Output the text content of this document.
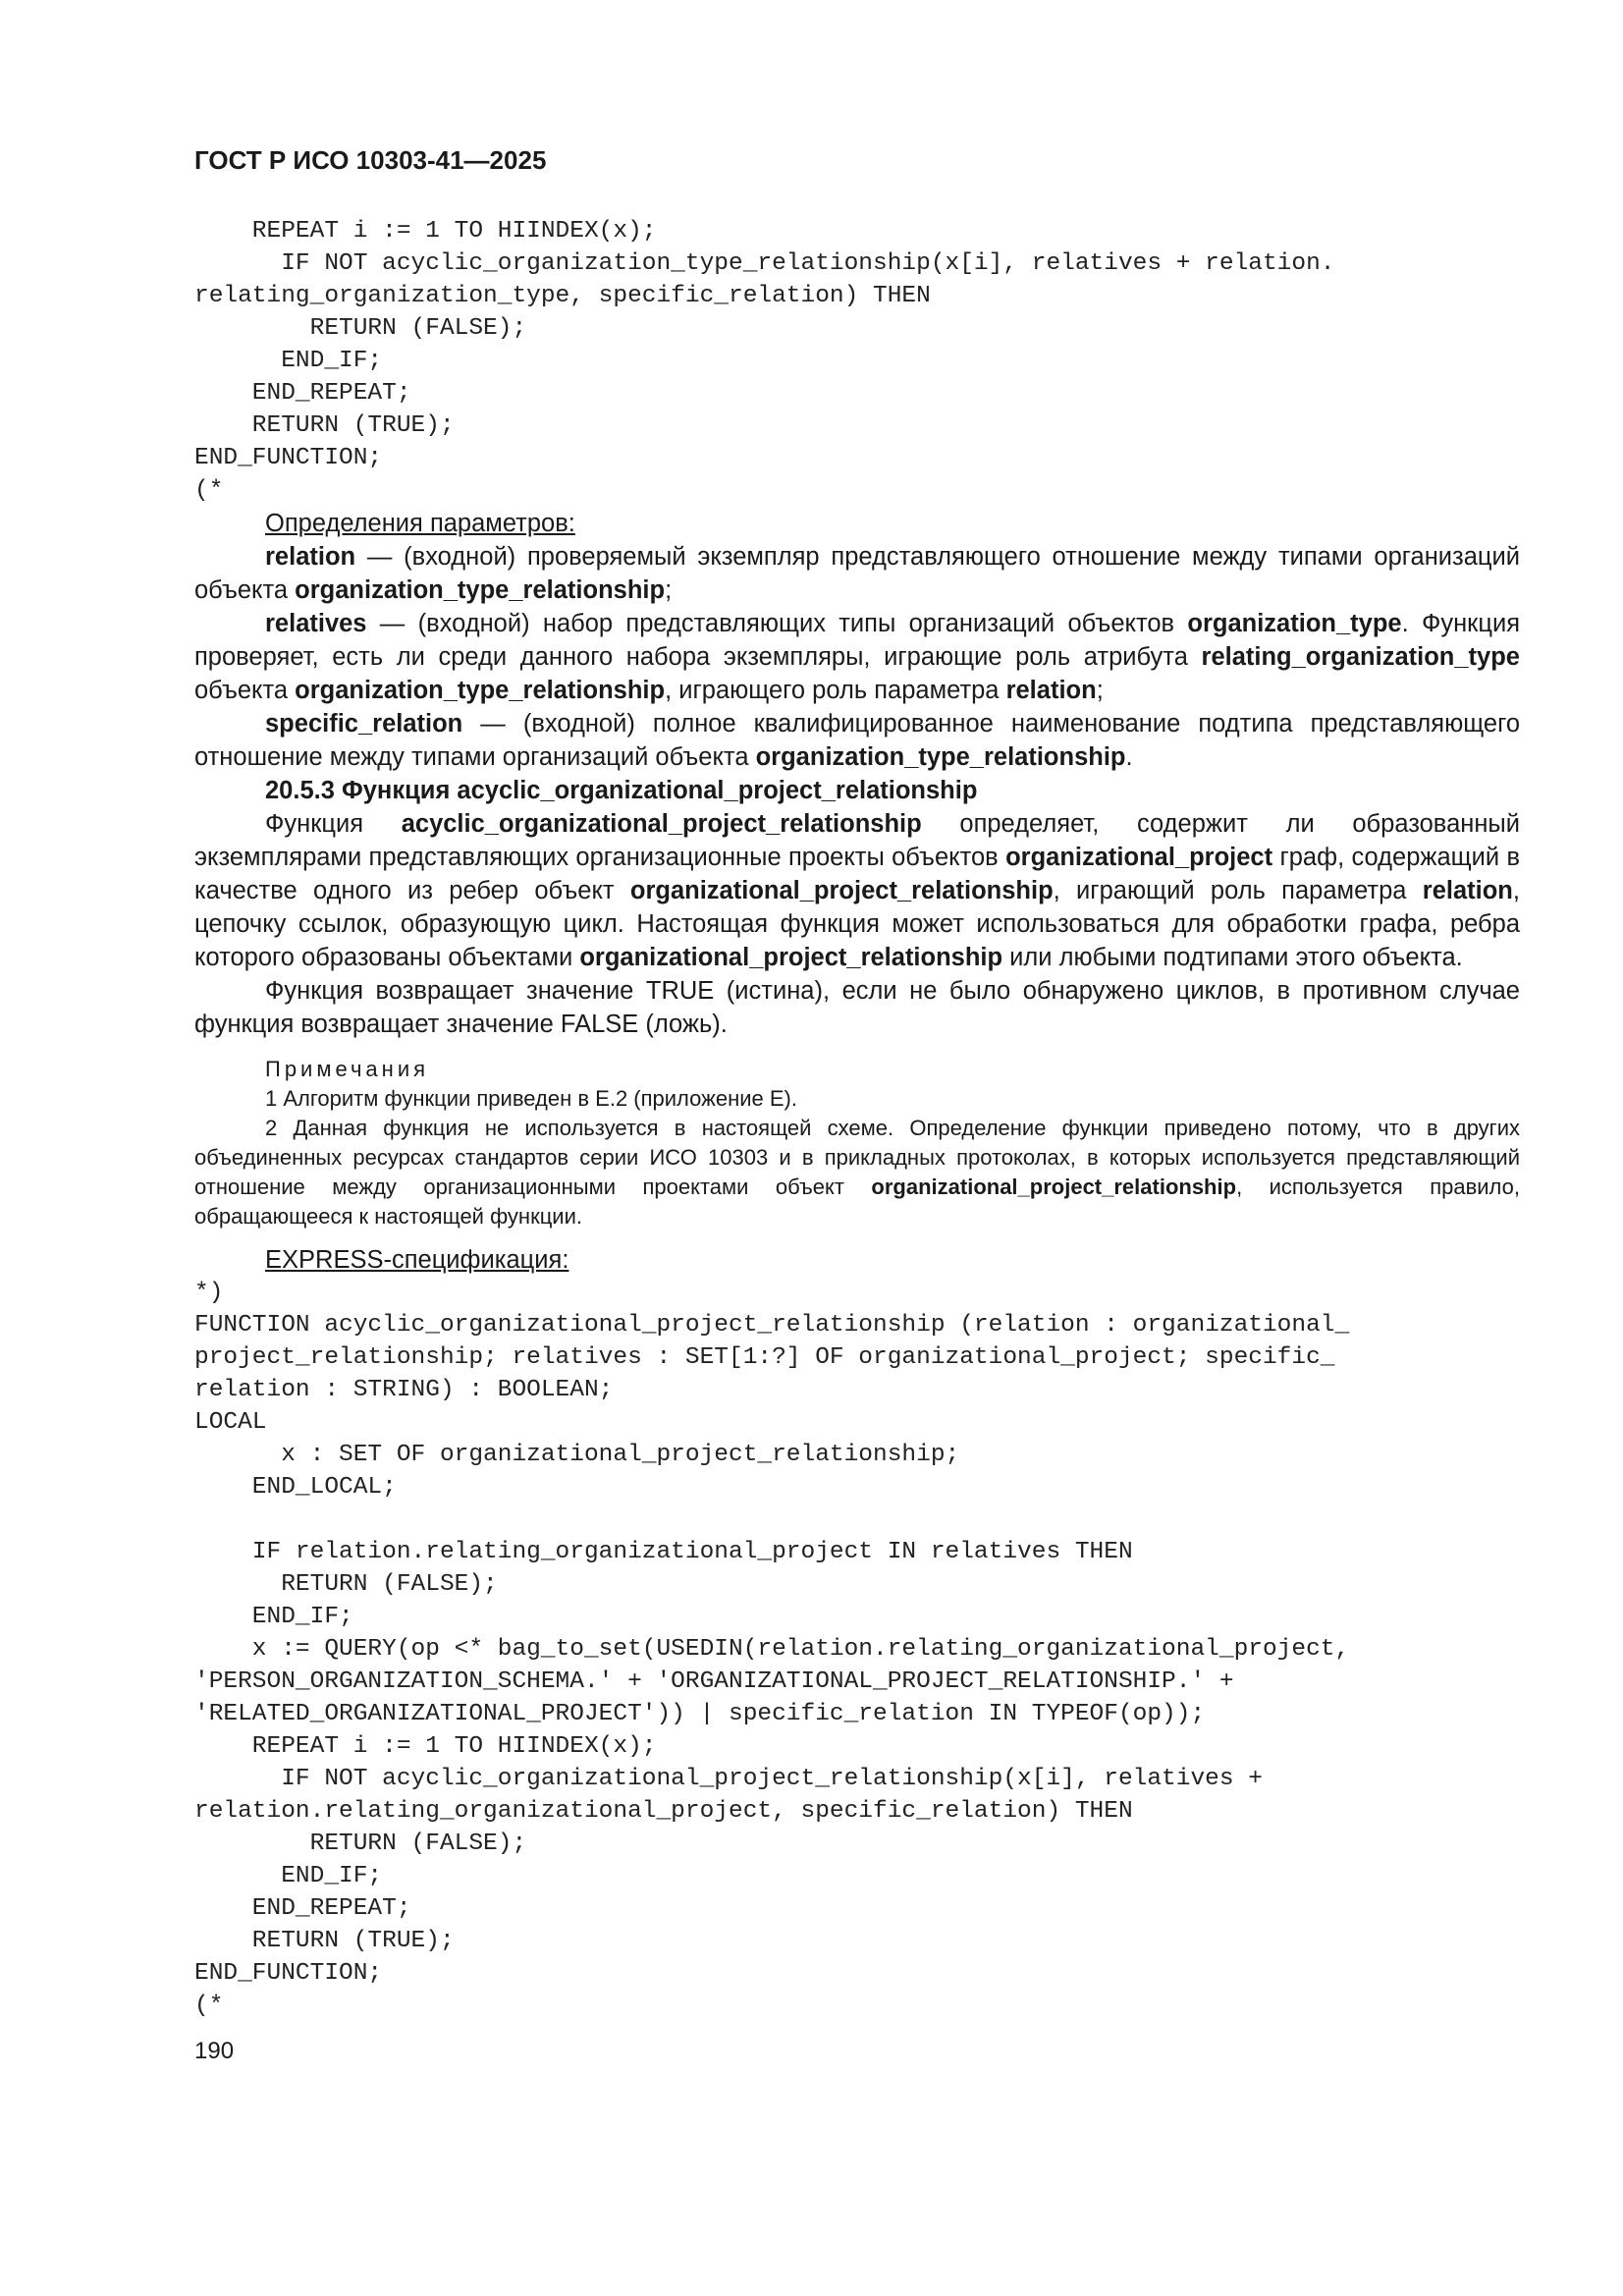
ГОСТ Р ИСО 10303-41—2025
REPEAT i := 1 TO HIINDEX(x);
IF NOT acyclic_organization_type_relationship(x[i], relatives + relation.
relating_organization_type, specific_relation) THEN
RETURN (FALSE);
END_IF;
END_REPEAT;
RETURN (TRUE);
END_FUNCTION;
(*

Определения параметров:

relation — (входной) проверяемый экземпляр представляющего отношение между типами организаций объекта organization_type_relationship;

relatives — (входной) набор представляющих типы организаций объектов organization_type. Функция проверяет, есть ли среди данного набора экземпляры, играющие роль атрибута relating_organization_type объекта organization_type_relationship, играющего роль параметра relation;

specific_relation — (входной) полное квалифицированное наименование подтипа представляющего отношение между типами организаций объекта organization_type_relationship.

20.5.3 Функция acyclic_organizational_project_relationship

Функция acyclic_organizational_project_relationship определяет, содержит ли образованный экземплярами представляющих организационные проекты объектов organizational_project граф, содержащий в качестве одного из ребер объект organizational_project_relationship, играющий роль параметра relation, цепочку ссылок, образующую цикл. Настоящая функция может использоваться для обработки графа, ребра которого образованы объектами organizational_project_relationship или любыми подтипами этого объекта.

Функция возвращает значение TRUE (истина), если не было обнаружено циклов, в противном случае функция возвращает значение FALSE (ложь).

Примечания

1 Алгоритм функции приведен в Е.2 (приложение Е).

2 Данная функция не используется в настоящей схеме. Определение функции приведено потому, что в других объединенных ресурсах стандартов серии ИСО 10303 и в прикладных протоколах, в которых используется представляющий отношение между организационными проектами объект organizational_project_relationship, используется правило, обращающееся к настоящей функции.

EXPRESS-спецификация:

*)
FUNCTION acyclic_organizational_project_relationship (relation : organizational_
project_relationship; relatives : SET[1:?] OF organizational_project; specific_
relation : STRING) : BOOLEAN;
LOCAL
x : SET OF organizational_project_relationship;
END_LOCAL;

IF relation.relating_organizational_project IN relatives THEN
RETURN (FALSE);
END_IF;
x := QUERY(op <* bag_to_set(USEDIN(relation.relating_organizational_project,
'PERSON_ORGANIZATION_SCHEMA.' + 'ORGANIZATIONAL_PROJECT_RELATIONSHIP.' +
'RELATED_ORGANIZATIONAL_PROJECT')) | specific_relation IN TYPEOF(op));
REPEAT i := 1 TO HIINDEX(x);
IF NOT acyclic_organizational_project_relationship(x[i], relatives +
relation.relating_organizational_project, specific_relation) THEN
RETURN (FALSE);
END_IF;
END_REPEAT;
RETURN (TRUE);
END_FUNCTION;
(*
190
